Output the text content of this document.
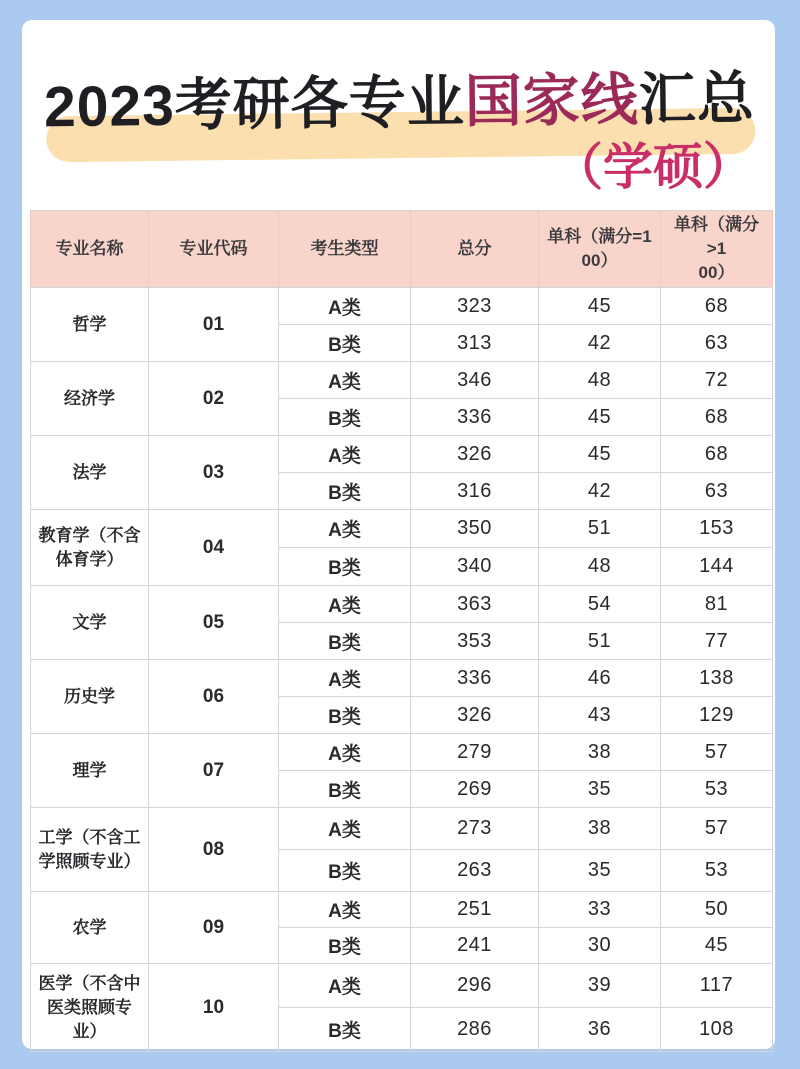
2023考研各专业国家线汇总
（学硕）
专业名称	专业代码	考生类型	总分	单科（满分=1
00）	单科（满分>1
00）

哲学	01	A类	323	45	68
		B类	313	42	63
经济学	02	A类	346	48	72
		B类	336	45	68
法学	03	A类	326	45	68
		B类	316	42	63
教育学（不含体育学）	04	A类	350	51	153
		B类	340	48	144
文学	05	A类	363	54	81
		B类	353	51	77
历史学	06	A类	336	46	138
		B类	326	43	129
理学	07	A类	279	38	57
		B类	269	35	53
工学（不含工学照顾专业）	08	A类	273	38	57
		B类	263	35	53
农学	09	A类	251	33	50
		B类	241	30	45
医学（不含中医类照顾专业）	10	A类	296	39	117
		B类	286	36	108
